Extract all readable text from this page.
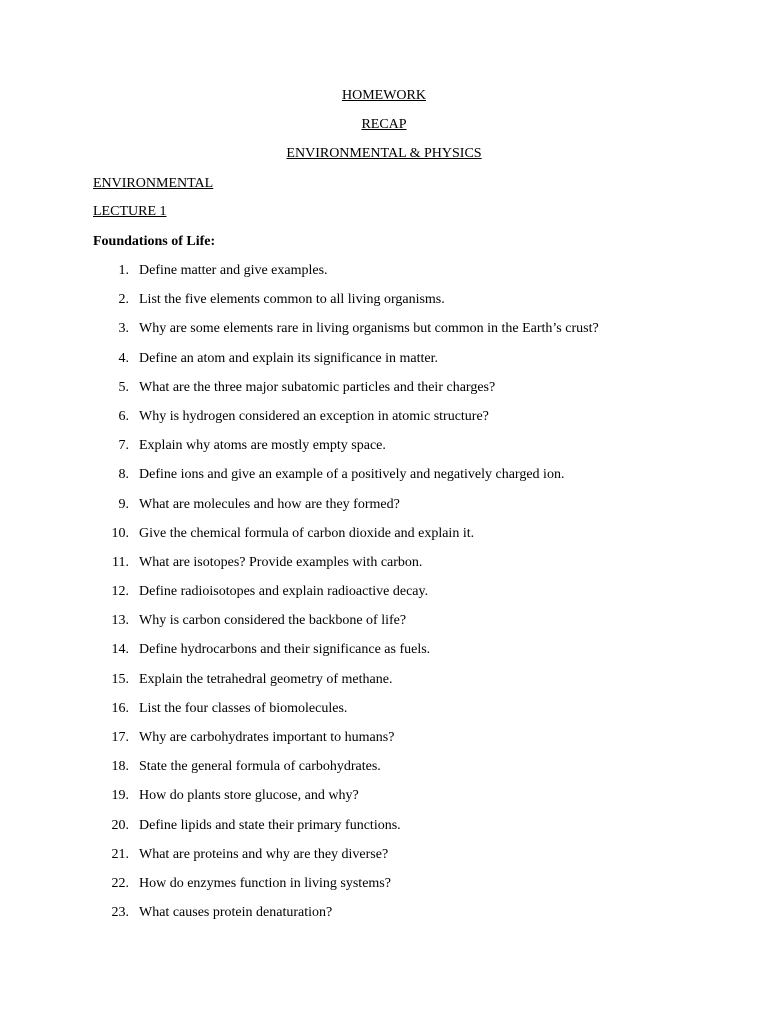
HOMEWORK
RECAP
ENVIRONMENTAL & PHYSICS
ENVIRONMENTAL
LECTURE 1
Foundations of Life:
1. Define matter and give examples.
2. List the five elements common to all living organisms.
3. Why are some elements rare in living organisms but common in the Earth’s crust?
4. Define an atom and explain its significance in matter.
5. What are the three major subatomic particles and their charges?
6. Why is hydrogen considered an exception in atomic structure?
7. Explain why atoms are mostly empty space.
8. Define ions and give an example of a positively and negatively charged ion.
9. What are molecules and how are they formed?
10. Give the chemical formula of carbon dioxide and explain it.
11. What are isotopes? Provide examples with carbon.
12. Define radioisotopes and explain radioactive decay.
13. Why is carbon considered the backbone of life?
14. Define hydrocarbons and their significance as fuels.
15. Explain the tetrahedral geometry of methane.
16. List the four classes of biomolecules.
17. Why are carbohydrates important to humans?
18. State the general formula of carbohydrates.
19. How do plants store glucose, and why?
20. Define lipids and state their primary functions.
21. What are proteins and why are they diverse?
22. How do enzymes function in living systems?
23. What causes protein denaturation?
